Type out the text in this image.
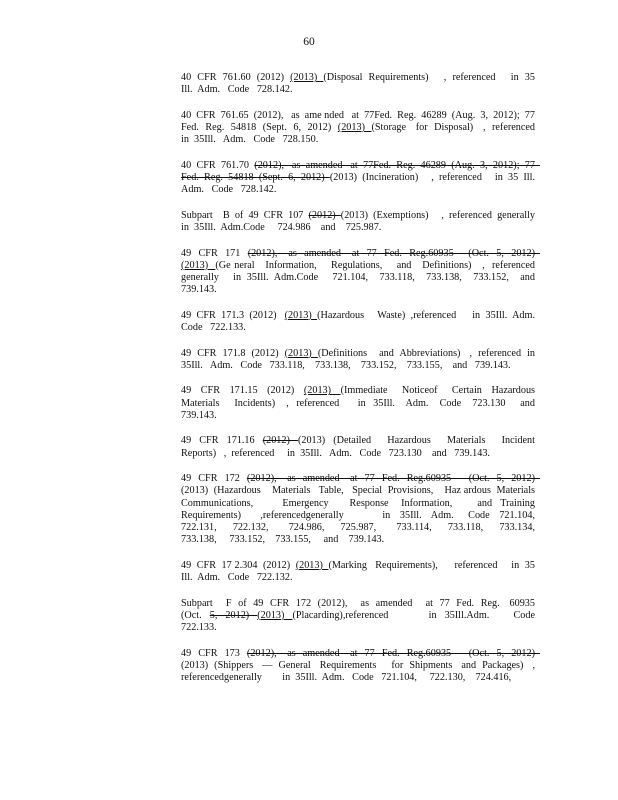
60

40  CFR  761.60  (2012)  (2013)  (Disposal  Requirements)     ,  referenced     in  35  Ill.  Adm.   Code   728.142.

40  CFR  761.65  (2012),   as  ame nded   at  77Fed.  Reg.  46289  (Aug.  3,  2012);  77  Fed.  Reg.  54818  (Sept.  6,  2012)  (2013)  (Storage   for  Disposal)   ,  referenced     in  35Ill.   Adm.   Code   728.150.

40  CFR  761.70  (2012),   as  amended   at  77Fed.  Reg.  46289  (Aug.  3,  2012);  77  Fed.  Reg.  54818  (Sept.  6,  2012)  (2013)  (Incineration)     ,  referenced     in  35  Ill.  Adm.   Code   728.142.

Subpart    B  of  49  CFR  107  (2012)  (2013)  (Exemptions)     ,  referenced  generally     in  35Ill.  Adm.Code     724.986    and    725.987.

49  CFR  171  (2012),   as  amended   at  77  Fed.  Reg.60935    (Oct.  5,  2012)  (2013)  (Ge neral   Information,    Regulations,    and   Definitions)   ,  referenced  generally     in  35Ill.  Adm.Code     721.104,    733.118,    733.138,    733.152,    and  739.143.

49  CFR  171.3  (2012)   (2013)  (Hazardous     Waste)  ,referenced      in  35Ill.  Adm.   Code   722.133.

49  CFR  171.8  (2012)  (2013)  (Definitions    and  Abbreviations)   ,  referenced  in  35Ill.   Adm.   Code   733.118,    733.138,    733.152,    733.155,    and   739.143.

49  CFR  171.15  (2012)  (2013)  (Immediate   Noticeof   Certain  Hazardous  Materials    Incidents)   ,  referenced     in  35Ill.   Adm.   Code   723.130    and  739.143.

49  CFR  171.16  (2012)  (2013)  (Detailed    Hazardous    Materials    Incident  Reports)   ,  referenced     in  35Ill.   Adm.   Code   723.130    and   739.143.

49  CFR  172  (2012),   as  amended   at  77  Fed.  Reg.60935     (Oct.  5,  2012)  (2013)  (Hazardous    Materials   Table,   Special  Provisions,    Haz ardous  Materials   Communications,       Emergency     Response   Information,      and  Training   Requirements)    ,referencedgenerally        in  35Ill.  Adm.   Code  721.104,      722.131,    722.132,     724.986,    725.987,     733.114,    733.118,    733.134,  733.138,     733.152,    733.155,     and    739.143.

49  CFR  17 2.304  (2012)  (2013)  (Marking   Requirements),      referenced     in  35  Ill.  Adm.   Code   722.132.

Subpart    F  of  49  CFR  172  (2012),    as  amended    at  77  Fed.  Reg.   60935   (Oct.  5,  2012)  (2013)  (Placarding),referenced          in  35Ill.Adm.      Code   722.133.

49  CFR  173  (2012),   as  amended   at  77  Fed.  Reg.60935     (Oct.  5,  2012)  (2013)  (Shippers   —  General   Requirements     for  Shipments   and  Packages)   ,  referencedgenerally        in  35Ill.  Adm.   Code   721.104,     722.130,    724.416,
